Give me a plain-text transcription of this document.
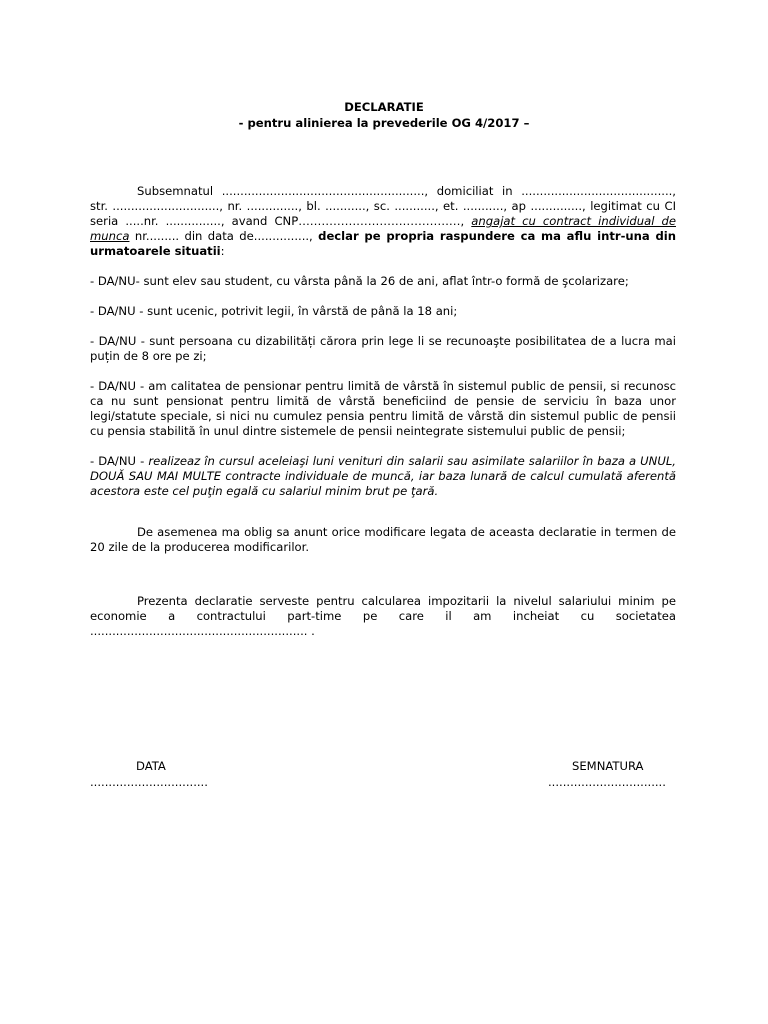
DECLARATIE
- pentru alinierea la prevederile OG 4/2017 –

Subsemnatul ......................................................., domiciliat in ........................................., str. ............................., nr. .............., bl. ..........., sc. ..........., et. ..........., ap .............., legitimat cu CI seria .....nr. ..............., avand CNP……………………………………, angajat cu contract individual de munca nr......... din data de..............., declar pe propria raspundere ca ma aflu intr-una din urmatoarele situatii:

- DA/NU- sunt elev sau student, cu vârsta până la 26 de ani, aflat într-o formă de şcolarizare;

- DA/NU - sunt ucenic, potrivit legii, în vârstă de până la 18 ani;

- DA/NU - sunt persoana cu dizabilități cărora prin lege li se recunoaşte posibilitatea de a lucra mai puțin de 8 ore pe zi;

- DA/NU - am calitatea de pensionar pentru limită de vârstă în sistemul public de pensii, si recunosc ca nu sunt pensionat pentru limită de vârstă beneficiind de pensie de serviciu în baza unor legi/statute speciale, si nici nu cumulez pensia pentru limită de vârstă din sistemul public de pensii cu pensia stabilită în unul dintre sistemele de pensii neintegrate sistemului public de pensii;

- DA/NU - realizeaz în cursul aceleiaşi luni venituri din salarii sau asimilate salariilor în baza a UNUL, DOUĂ SAU MAI MULTE contracte individuale de muncă, iar baza lunară de calcul cumulată aferentă acestora este cel puţin egală cu salariul minim brut pe ţară.

De asemenea ma oblig sa anunt orice modificare legata de aceasta declaratie in termen de 20 zile de la producerea modificarilor.

Prezenta declaratie serveste pentru calcularea impozitarii la nivelul salariului minim pe economie a contractului part-time pe care il am incheiat cu societatea ........................................................... .

DATA
................................
SEMNATURA
................................
